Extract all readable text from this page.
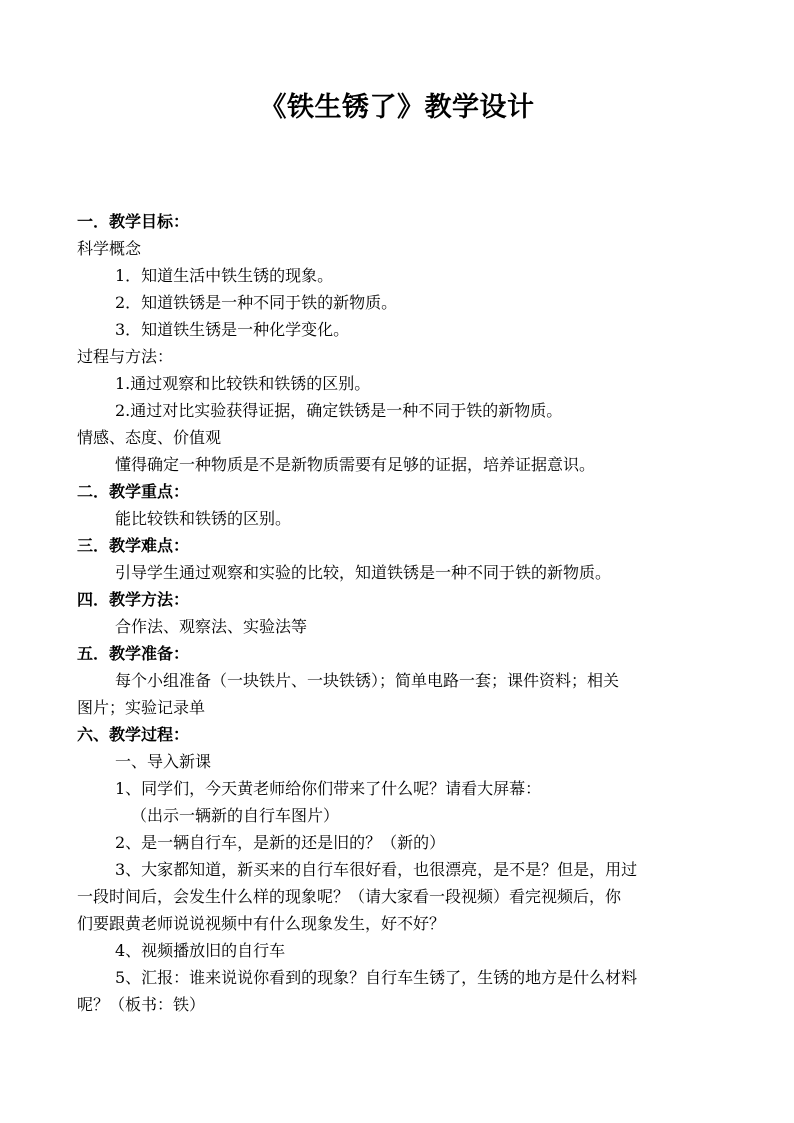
《铁生锈了》教学设计
一．教学目标：
科学概念
1．知道生活中铁生锈的现象。
2．知道铁锈是一种不同于铁的新物质。
3．知道铁生锈是一种化学变化。
过程与方法：
1.通过观察和比较铁和铁锈的区别。
2.通过对比实验获得证据，确定铁锈是一种不同于铁的新物质。
情感、态度、价值观
懂得确定一种物质是不是新物质需要有足够的证据，培养证据意识。
二．教学重点：
能比较铁和铁锈的区别。
三．教学难点：
引导学生通过观察和实验的比较，知道铁锈是一种不同于铁的新物质。
四．教学方法：
合作法、观察法、实验法等
五．教学准备：
每个小组准备（一块铁片、一块铁锈）；简单电路一套；课件资料；相关
图片；实验记录单
六、教学过程：
一、导入新课
1、同学们，今天黄老师给你们带来了什么呢？请看大屏幕：
（出示一辆新的自行车图片）
2、是一辆自行车，是新的还是旧的？（新的）
3、大家都知道，新买来的自行车很好看，也很漂亮，是不是？但是，用过
一段时间后，会发生什么样的现象呢？（请大家看一段视频）看完视频后，你
们要跟黄老师说说视频中有什么现象发生，好不好？
4、视频播放旧的自行车
5、汇报：谁来说说你看到的现象？自行车生锈了，生锈的地方是什么材料
呢？（板书：铁）
